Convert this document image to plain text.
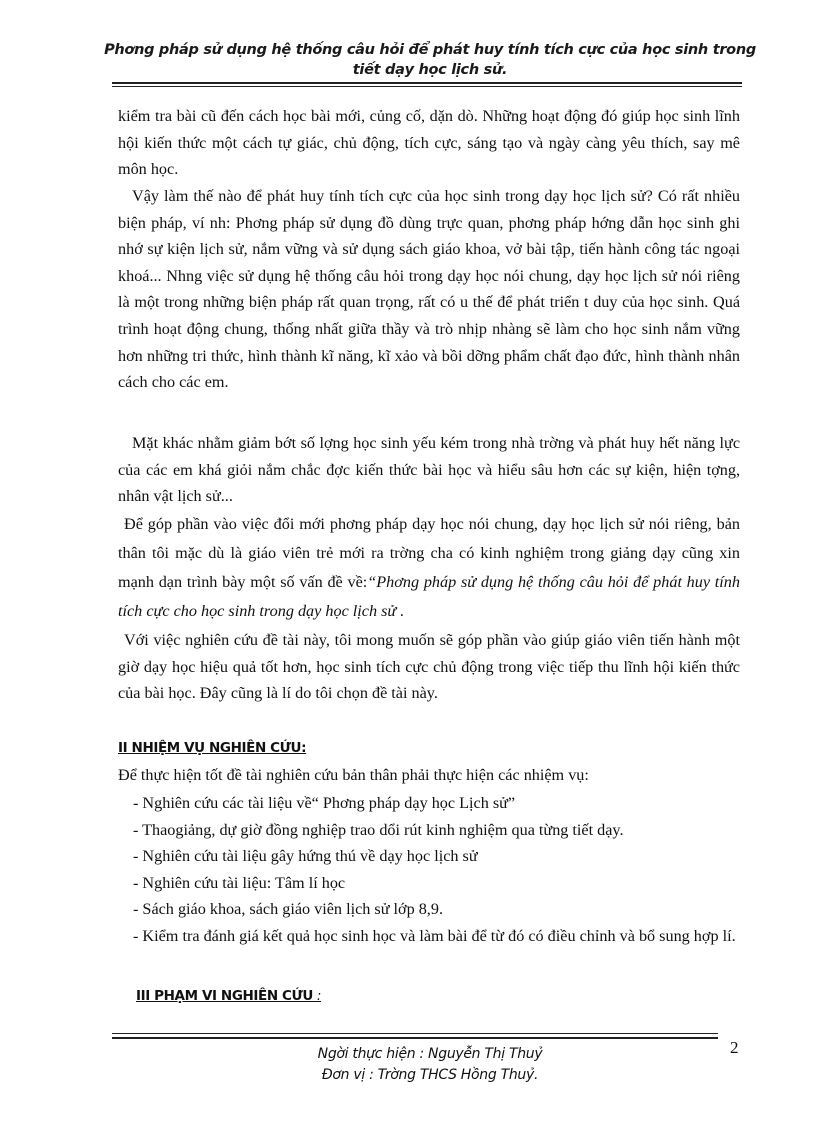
Phơng pháp sử dụng hệ thống câu hỏi để phát huy tính tích cực của học sinh trong
tiết dạy học lịch sử.

kiểm tra bài cũ đến cách học bài mới, củng cố, dặn dò. Những hoạt động đó giúp học sinh lĩnh hội kiến thức một cách tự giác, chủ động, tích cực, sáng tạo và ngày càng yêu thích, say mê môn học.

Vậy làm thế nào để phát huy tính tích cực của học sinh trong dạy học lịch sử? Có rất nhiều biện pháp, ví nh: Phơng pháp sử dụng đồ dùng trực quan, phơng pháp hớng dẫn học sinh ghi nhớ sự kiện lịch sử, nắm vững và sử dụng sách giáo khoa, vở bài tập, tiến hành công tác ngoại khoá... Nhng việc sử dụng hệ thống câu hỏi trong dạy học nói chung, dạy học lịch sử nói riêng là một trong những biện pháp rất quan trọng, rất có u thế để phát triển t duy của học sinh. Quá trình hoạt động chung, thống nhất giữa thầy và trò nhịp nhàng sẽ làm cho học sinh nắm vững hơn những tri thức, hình thành kĩ năng, kĩ xảo và bồi dỡng phẩm chất đạo đức, hình thành nhân cách cho các em.

Mặt khác nhằm giảm bớt số lợng học sinh yếu kém trong nhà trờng và phát huy hết năng lực của các em khá giỏi nắm chắc đợc kiến thức bài học và hiểu sâu hơn các sự kiện, hiện tợng, nhân vật lịch sử...

Để góp phần vào việc đổi mới phơng pháp dạy học nói chung, dạy học lịch sử nói riêng, bản thân tôi mặc dù là giáo viên trẻ mới ra trờng cha có kinh nghiệm trong giảng dạy cũng xin mạnh dạn trình bày một số vấn đề về:“Phơng pháp sử dụng hệ thống câu hỏi để phát huy tính tích cực cho học sinh trong dạy học lịch sử .

Với việc nghiên cứu đề tài này, tôi mong muốn sẽ góp phần vào giúp giáo viên tiến hành một giờ dạy học hiệu quả tốt hơn, học sinh tích cực chủ động trong việc tiếp thu lĩnh hội kiến thức của bài học. Đây cũng là lí do tôi chọn đề tài này.

II NHIỆM VỤ NGHIÊN CỨU:
Để thực hiện tốt đề tài nghiên cứu bản thân phải thực hiện các nhiệm vụ:
- Nghiên cứu các tài liệu về“ Phơng pháp dạy học Lịch sử”
- Thaogiảng, dự giờ đồng nghiệp trao dổi rút kinh nghiệm qua từng tiết dạy.
- Nghiên cứu tài liệu gây hứng thú về dạy học lịch sử
- Nghiên cứu tài liệu: Tâm lí học
- Sách giáo khoa, sách giáo viên lịch sử lớp 8,9.
- Kiểm tra đánh giá kết quả học sinh học và làm bài để từ đó có điều chỉnh và bổ sung hợp lí.
III PHẠM VI NGHIÊN CỨU :
2
Ngời thực hiện : Nguyễn Thị Thuỷ
Đơn vị : Trờng THCS Hồng Thuỷ.
